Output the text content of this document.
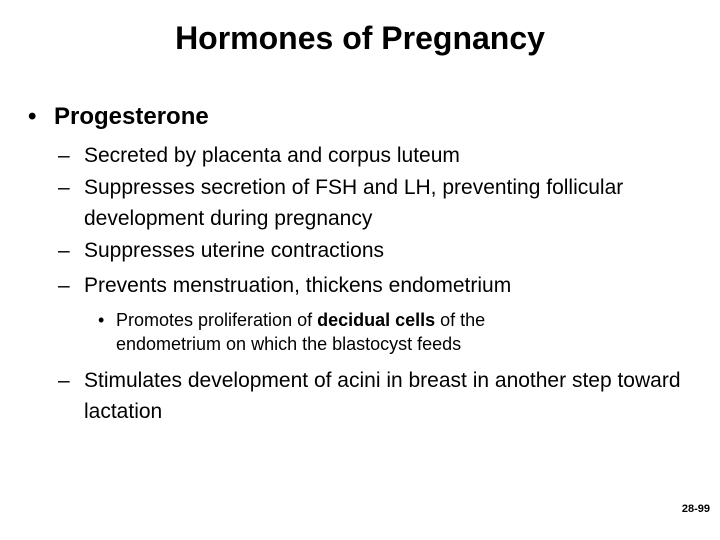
Hormones of Pregnancy
• Progesterone
– Secreted by placenta and corpus luteum
– Suppresses secretion of FSH and LH, preventing follicular development during pregnancy
– Suppresses uterine contractions
– Prevents menstruation, thickens endometrium
• Promotes proliferation of decidual cells of the endometrium on which the blastocyst feeds
– Stimulates development of acini in breast in another step toward lactation
28-99
